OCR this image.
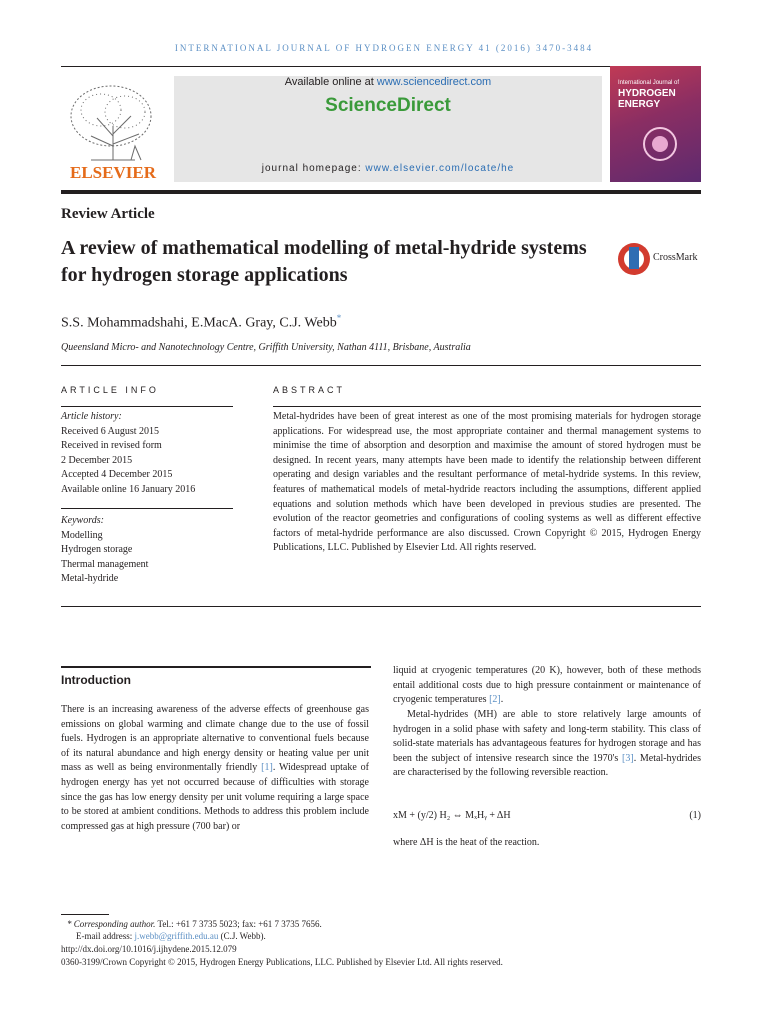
INTERNATIONAL JOURNAL OF HYDROGEN ENERGY 41 (2016) 3470-3484
ELSEVIER
Available online at www.sciencedirect.com
ScienceDirect
journal homepage: www.elsevier.com/locate/he
International Journal of
HYDROGEN
ENERGY
Review Article
A review of mathematical modelling of metal-hydride systems for hydrogen storage applications
CrossMark
S.S. Mohammadshahi, E.MacA. Gray, C.J. Webb*
Queensland Micro- and Nanotechnology Centre, Griffith University, Nathan 4111, Brisbane, Australia
ARTICLE INFO	ABSTRACT
Article history:
Received 6 August 2015
Received in revised form
2 December 2015
Accepted 4 December 2015
Available online 16 January 2016
Keywords:
Modelling
Hydrogen storage
Thermal management
Metal-hydride
Metal-hydrides have been of great interest as one of the most promising materials for hydrogen storage applications. For widespread use, the most appropriate container and thermal management systems to minimise the time of absorption and desorption and maximise the amount of stored hydrogen must be designed. In recent years, many attempts have been made to identify the relationship between different operating and design variables and the resultant performance of metal-hydride systems. In this review, features of mathematical models of metal-hydride reactors including the assumptions, different applied equations and solution methods which have been developed in previous studies are presented. The evolution of the reactor geometries and configurations of cooling systems as well as different effective factors of metal-hydride performance are also discussed. Crown Copyright © 2015, Hydrogen Energy Publications, LLC. Published by Elsevier Ltd. All rights reserved.
Introduction
There is an increasing awareness of the adverse effects of greenhouse gas emissions on global warming and climate change due to the use of fossil fuels. Hydrogen is an appropriate alternative to conventional fuels because of its natural abundance and high energy density or heating value per unit mass as well as being environmentally friendly [1]. Widespread uptake of hydrogen energy has yet not occurred because of difficulties with storage since the gas has low energy density per unit volume requiring a large space to be stored at ambient conditions. Methods to address this problem include compressed gas at high pressure (700 bar) or
liquid at cryogenic temperatures (20 K), however, both of these methods entail additional costs due to high pressure containment or maintenance of cryogenic temperatures [2].
Metal-hydrides (MH) are able to store relatively large amounts of hydrogen in a solid phase with safety and long-term stability. This class of solid-state materials has advantageous features for hydrogen storage and has been the subject of intensive research since the 1970's [3]. Metal-hydrides are characterised by the following reversible reaction.
xM + (y/2) H₂ ⇔ MₓHᵧ + ΔH	(1)
where ΔH is the heat of the reaction.
* Corresponding author. Tel.: +61 7 3735 5023; fax: +61 7 3735 7656.
E-mail address: j.webb@griffith.edu.au (C.J. Webb).
http://dx.doi.org/10.1016/j.ijhydene.2015.12.079
0360-3199/Crown Copyright © 2015, Hydrogen Energy Publications, LLC. Published by Elsevier Ltd. All rights reserved.
